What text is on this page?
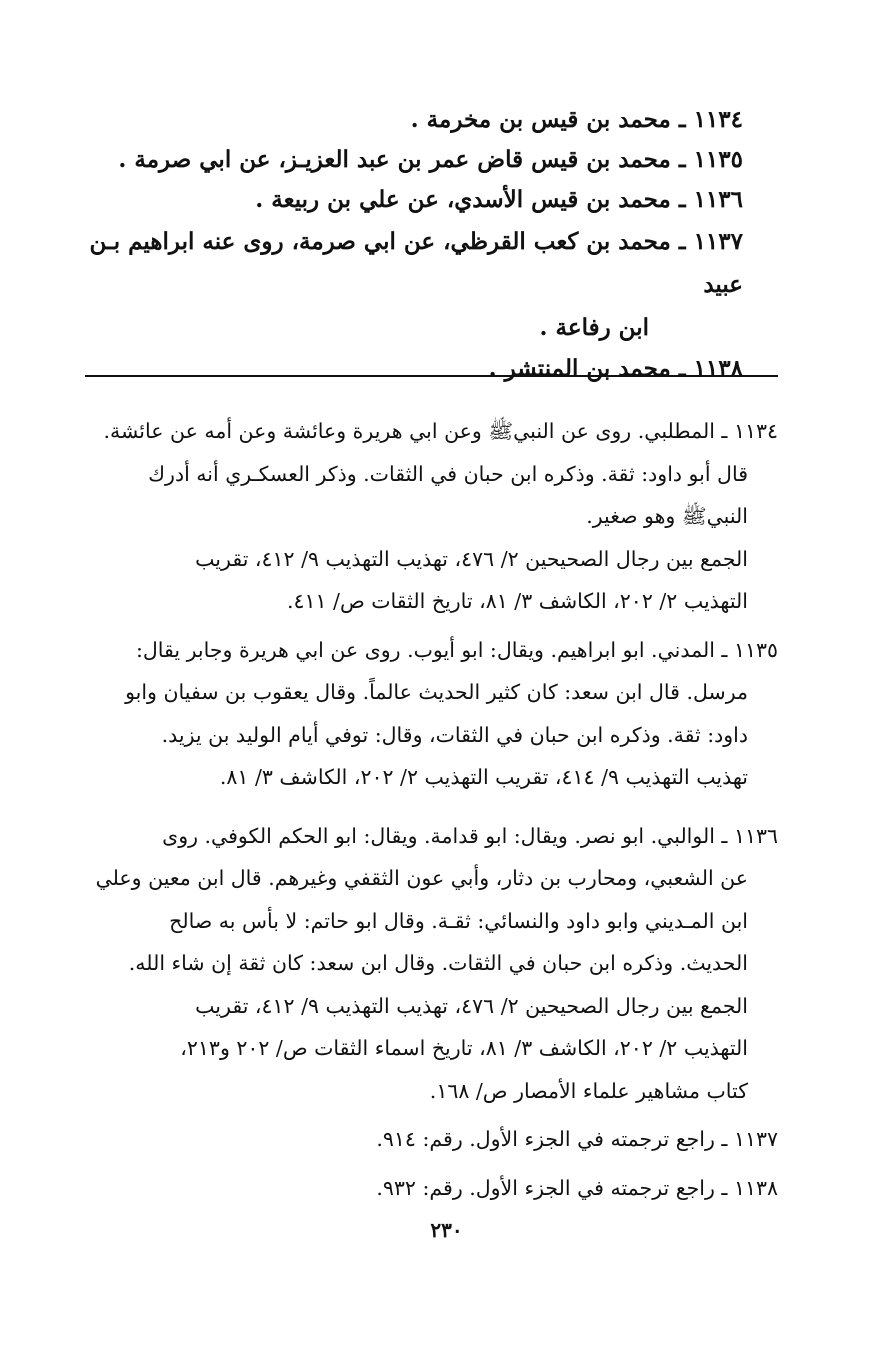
١١٣٤ ـ محمد بن قيس بن مخرمة .
١١٣٥ ـ محمد بن قيس قاض عمر بن عبد العزيـز، عن ابي صرمة .
١١٣٦ ـ محمد بن قيس الأسدي، عن علي بن ربيعة .
١١٣٧ ـ محمد بن كعب القرظي، عن ابي صرمة، روى عنه ابراهيم بـن عبيد
ابن رفاعة .
١١٣٨ ـ محمد بن المنتشر .

١١٣٤ ـ المطلبي. روى عن النبيﷺ وعن ابي هريرة وعائشة وعن أمه عن عائشة.

قال أبو داود: ثقة. وذكره ابن حبان في الثقات. وذكر العسكـري أنه أدرك

النبيﷺ وهو صغير.

الجمع بين رجال الصحيحين ٢/ ٤٧٦، تهذيب التهذيب ٩/ ٤١٢، تقريب

التهذيب ٢/ ٢٠٢، الكاشف ٣/ ٨١، تاريخ الثقات ص/ ٤١١.

١١٣٥ ـ المدني. ابو ابراهيم. ويقال: ابو أيوب. روى عن ابي هريرة وجابر يقال:

مرسل. قال ابن سعد: كان كثير الحديث عالماً. وقال يعقوب بن سفيان وابو

داود: ثقة. وذكره ابن حبان في الثقات، وقال: توفي أيام الوليد بن يزيد.

تهذيب التهذيب ٩/ ٤١٤، تقريب التهذيب ٢/ ٢٠٢، الكاشف ٣/ ٨١.

١١٣٦ ـ الوالبي. ابو نصر. ويقال: ابو قدامة. ويقال: ابو الحكم الكوفي. روى

عن الشعبي، ومحارب بن دثار، وأبي عون الثقفي وغيرهم. قال ابن معين وعلي

ابن المـديني وابو داود والنسائي: ثقـة. وقال ابو حاتم: لا بأس به صالح

الحديث. وذكره ابن حبان في الثقات. وقال ابن سعد: كان ثقة إن شاء الله.

الجمع بين رجال الصحيحين ٢/ ٤٧٦، تهذيب التهذيب ٩/ ٤١٢، تقريب

التهذيب ٢/ ٢٠٢، الكاشف ٣/ ٨١، تاريخ اسماء الثقات ص/ ٢٠٢ و٢١٣،

كتاب مشاهير علماء الأمصار ص/ ١٦٨.

١١٣٧ ـ راجع ترجمته في الجزء الأول. رقم: ٩١٤.

١١٣٨ ـ راجع ترجمته في الجزء الأول. رقم: ٩٣٢.

٢٣٠
